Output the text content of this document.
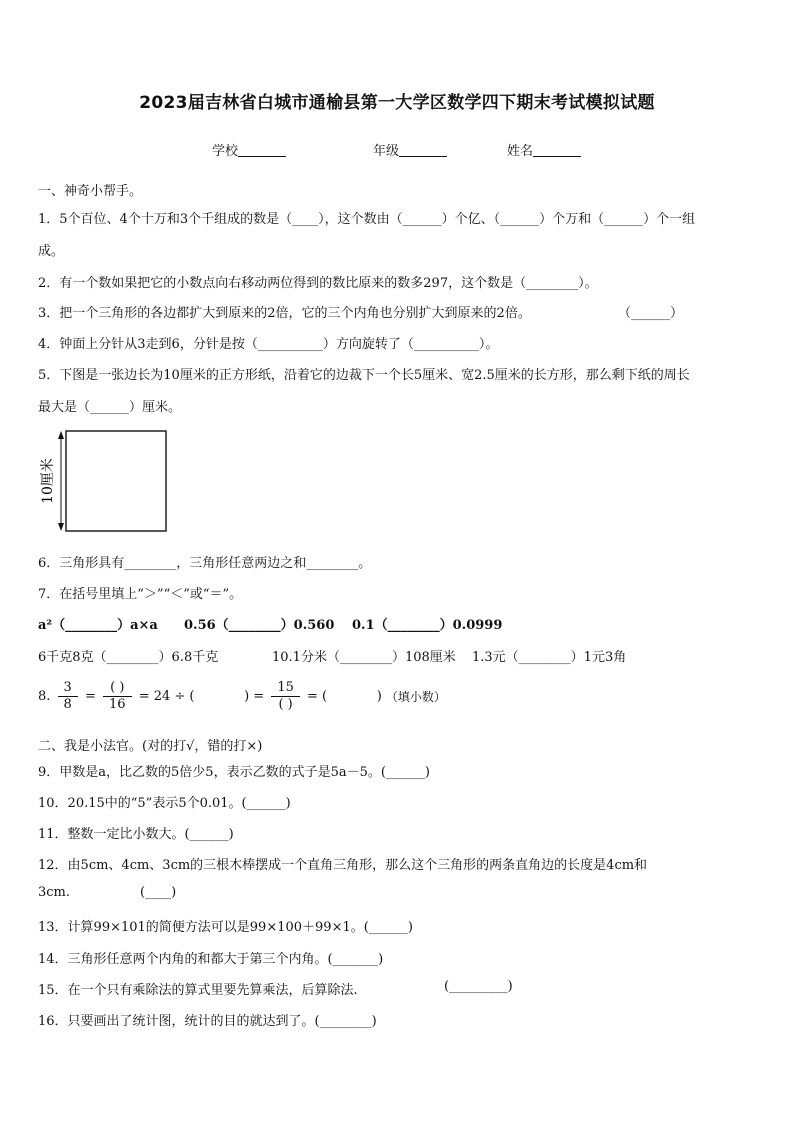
2023届吉林省白城市通榆县第一大学区数学四下期末考试模拟试题
学校	年级	姓名
一、神奇小帮手。
1．5个百位、4个十万和3个千组成的数是（____），这个数由（______）个亿、（______）个万和（______）个一组
成。
2．有一个数如果把它的小数点向右移动两位得到的数比原来的数多297，这个数是（________）。
3．把一个三角形的各边都扩大到原来的2倍，它的三个内角也分别扩大到原来的2倍。	（______）
4．钟面上分针从3走到6，分针是按（__________）方向旋转了（__________）。
5．下图是一张边长为10厘米的正方形纸，沿着它的边裁下一个长5厘米、宽2.5厘米的长方形，那么剩下纸的周长
最大是（______）厘米。
10厘米
6．三角形具有________，三角形任意两边之和________。
7．在括号里填上“＞”“＜”或“＝”。
a²（________）a×a 0.56（________）0.560 0.1（________）0.0999
6千克8克（________）6.8千克	10.1分米（________）108厘米 1.3元（________）1元3角
8. $\frac{3}{8} = \frac{( )}{16} = 24$ ÷ (            ) = $\frac{15}{( )}$ = (            ) （填小数）
二、我是小法官。(对的打√，错的打×)
9．甲数是a，比乙数的5倍少5，表示乙数的式子是5a－5。(______)
10．20.15中的“5”表示5个0.01。(______)
11．整数一定比小数大。(______)
12．由5cm、4cm、3cm的三根木棒摆成一个直角三角形，那么这个三角形的两条直角边的长度是4cm和
3cm.	(____)
13．计算99×101的简便方法可以是99×100＋99×1。(______)
14．三角形任意两个内角的和都大于第三个内角。(_______)
15．在一个只有乘除法的算式里要先算乘法，后算除法.	(_________)
16．只要画出了统计图，统计的目的就达到了。(________)
